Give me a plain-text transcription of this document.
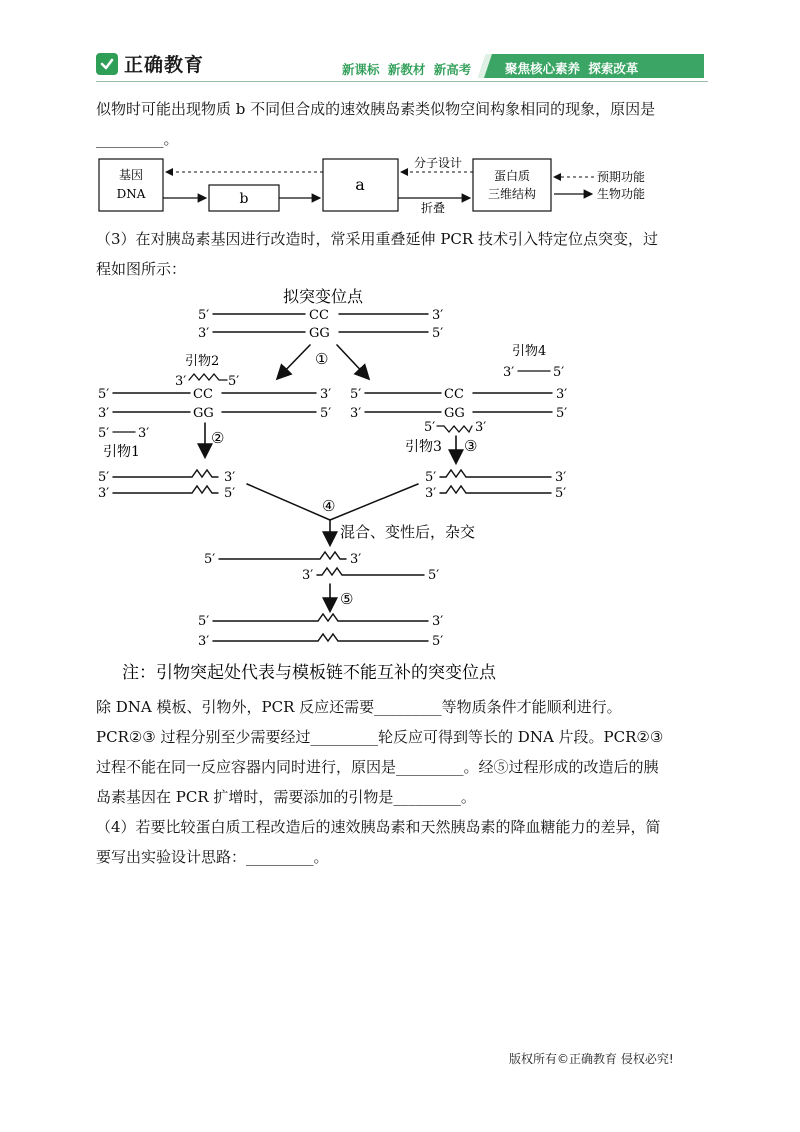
正确教育	新课标 新教材 新高考	聚焦核心素养 探索改革
似物时可能出现物质 b 不同但合成的速效胰岛素类似物空间构象相同的现象，原因是
_________。
基因
DNA	b
a	蛋白质
三维结构
分子设计
折叠
预期功能
生物功能
（3）在对胰岛素基因进行改造时，常采用重叠延伸 PCR 技术引入特定位点突变，过
程如图所示：
拟突变位点
5′	CC	3′
3′	GG	5′
①
引物2
3′	5′
5′	CC	3′
3′	GG	5′
5′ 3′
引物1
②
引物4
3′	5′
5′	CC	3′
3′	GG	5′
5′	3′
引物3 ③
5′	3′
3′	5′
5′	3′
3′	5′
④
混合、变性后，杂交
5′	3′
3′	5′
⑤
5′	3′
3′	5′
注：引物突起处代表与模板链不能互补的突变位点
除 DNA 模板、引物外，PCR 反应还需要_________等物质条件才能顺利进行。
PCR②③ 过程分别至少需要经过_________轮反应可得到等长的 DNA 片段。PCR②③
过程不能在同一反应容器内同时进行，原因是_________。经⑤过程形成的改造后的胰
岛素基因在 PCR 扩增时，需要添加的引物是_________。
（4）若要比较蛋白质工程改造后的速效胰岛素和天然胰岛素的降血糖能力的差异，简
要写出实验设计思路：_________。
版权所有©正确教育 侵权必究!
